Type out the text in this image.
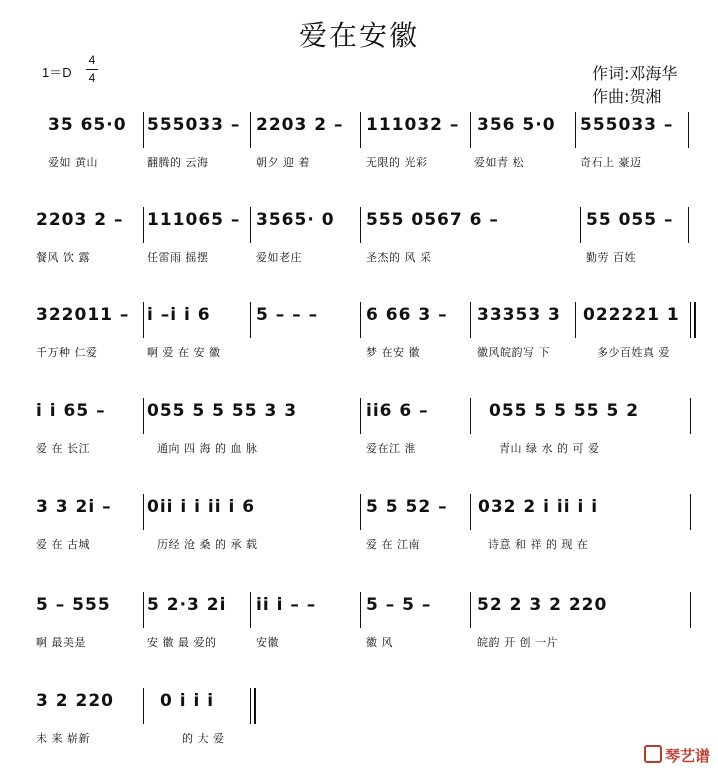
爱在安徽
1＝D
4
4	作词:邓海华
作曲:贺湘
35 65·0 555033 – 2203 2 – 111032 – 356 5·0 555033 –
爱如 黄山	翻腾的 云海	朝夕 迎 着	无限的 光彩	爱如青 松	奇石上 豪迈
2203 2 – 111065 – 3565· 0 555 0567 6 –	55 055 –
餐风 饮 露	任雷雨 摇摆	爱如老庄	圣杰的 风 采	勤劳 百姓
322011 – i –i i 6	5 – – –	6 66 3 – 33353 3 022221 1
千万种 仁爱	啊 爱 在 安 徽	梦 在安 徽	徽风皖韵写 下	多少百姓真 爱
i i 65 – 055 5 5 55 3 3	ii6 6 –	055 5 5 55 5 2
爱 在 长江	通向 四 海 的 血 脉	爱在江 淮	青山 绿 水 的 可 爱
3 3 2i – 0ii i i ii i 6	5 5 52 – 032 2 i ii i i
爱 在 古城	历经 沧 桑 的 承 载	爱 在 江南	诗意 和 祥 的 现 在
5 – 555 5 2·3 2i ii i – –	5 – 5 –	52 2 3 2 220
啊 最美是	安 徽 最 爱的	安徽	徽 风	皖韵 开 创 一片
3 2 220	0 i i i
未 来 崭新	的 大 爱
琴艺谱
